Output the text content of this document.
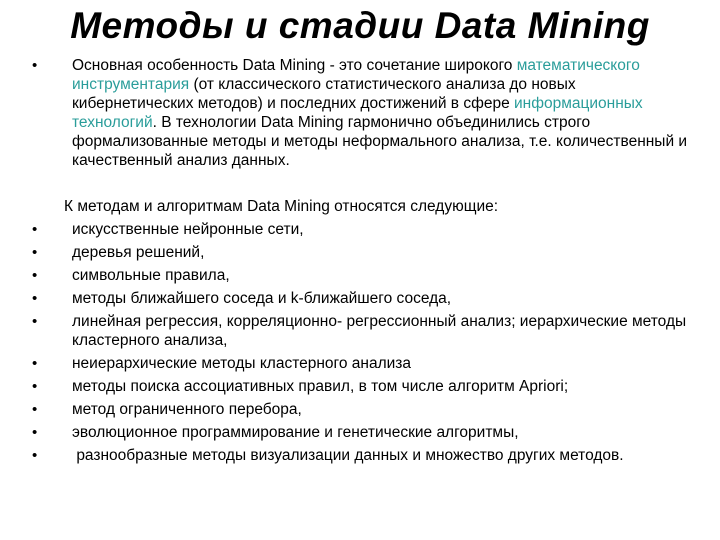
Методы и стадии Data Mining

• Основная особенность Data Mining - это сочетание широкого математического инструментария (от классического статистического анализа до новых кибернетических методов) и последних достижений в сфере информационных технологий. В технологии Data Mining гармонично объединились строго формализованные методы и методы неформального анализа, т.е. количественный и качественный анализ данных.

К методам и алгоритмам Data Mining относятся следующие:

• искусственные нейронные сети,
• деревья решений,
• символьные правила,
• методы ближайшего соседа и k-ближайшего соседа,
• линейная регрессия, корреляционно- регрессионный анализ; иерархические методы кластерного анализа,
• неиерархические методы кластерного анализа
• методы поиска ассоциативных правил, в том числе алгоритм Apriori;
• метод ограниченного перебора,
• эволюционное программирование и генетические алгоритмы,
• разнообразные методы визуализации данных и множество других методов.
